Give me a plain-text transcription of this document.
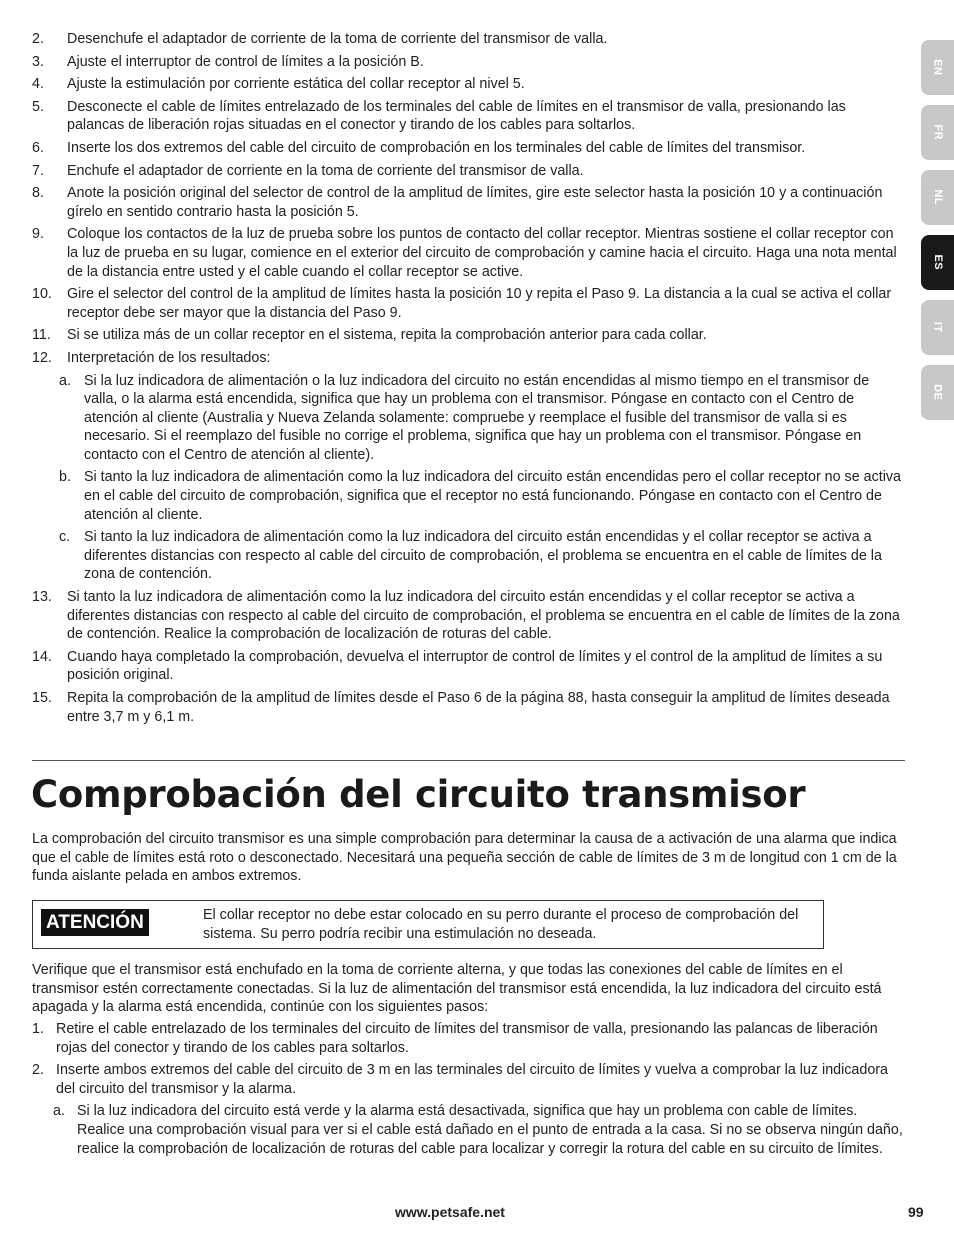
2. Desenchufe el adaptador de corriente de la toma de corriente del transmisor de valla.
3. Ajuste el interruptor de control de límites a la posición B.
4. Ajuste la estimulación por corriente estática del collar receptor al nivel 5.
5. Desconecte el cable de límites entrelazado de los terminales del cable de límites en el transmisor de valla, presionando las palancas de liberación rojas situadas en el conector y tirando de los cables para soltarlos.
6. Inserte los dos extremos del cable del circuito de comprobación en los terminales del cable de límites del transmisor.
7. Enchufe el adaptador de corriente en la toma de corriente del transmisor de valla.
8. Anote la posición original del selector de control de la amplitud de límites, gire este selector hasta la posición 10 y a continuación gírelo en sentido contrario hasta la posición 5.
9. Coloque los contactos de la luz de prueba sobre los puntos de contacto del collar receptor. Mientras sostiene el collar receptor con la luz de prueba en su lugar, comience en el exterior del circuito de comprobación y camine hacia el circuito. Haga una nota mental de la distancia entre usted y el cable cuando el collar receptor se active.
10. Gire el selector del control de la amplitud de límites hasta la posición 10 y repita el Paso 9. La distancia a la cual se activa el collar receptor debe ser mayor que la distancia del Paso 9.
11. Si se utiliza más de un collar receptor en el sistema, repita la comprobación anterior para cada collar.
12. Interpretación de los resultados:
a. Si la luz indicadora de alimentación o la luz indicadora del circuito no están encendidas al mismo tiempo en el transmisor de valla, o la alarma está encendida, significa que hay un problema con el transmisor. Póngase en contacto con el Centro de atención al cliente (Australia y Nueva Zelanda solamente: compruebe y reemplace el fusible del transmisor de valla si es necesario. Si el reemplazo del fusible no corrige el problema, significa que hay un problema con el transmisor. Póngase en contacto con el Centro de atención al cliente).
b. Si tanto la luz indicadora de alimentación como la luz indicadora del circuito están encendidas pero el collar receptor no se activa en el cable del circuito de comprobación, significa que el receptor no está funcionando. Póngase en contacto con el Centro de atención al cliente.
c. Si tanto la luz indicadora de alimentación como la luz indicadora del circuito están encendidas y el collar receptor se activa a diferentes distancias con respecto al cable del circuito de comprobación, el problema se encuentra en el cable de límites de la zona de contención.
13. Si tanto la luz indicadora de alimentación como la luz indicadora del circuito están encendidas y el collar receptor se activa a diferentes distancias con respecto al cable del circuito de comprobación, el problema se encuentra en el cable de límites de la zona de contención. Realice la comprobación de localización de roturas del cable.
14. Cuando haya completado la comprobación, devuelva el interruptor de control de límites y el control de la amplitud de límites a su posición original.
15. Repita la comprobación de la amplitud de límites desde el Paso 6 de la página 88, hasta conseguir la amplitud de límites deseada entre 3,7 m y 6,1 m.
Comprobación del circuito transmisor

La comprobación del circuito transmisor es una simple comprobación para determinar la causa de a activación de una alarma que indica que el cable de límites está roto o desconectado. Necesitará una pequeña sección de cable de límites de 3 m de longitud con 1 cm de la funda aislante pelada en ambos extremos.

ATENCIÓN	El collar receptor no debe estar colocado en su perro durante el proceso de comprobación del sistema. Su perro podría recibir una estimulación no deseada.

Verifique que el transmisor está enchufado en la toma de corriente alterna, y que todas las conexiones del cable de límites en el transmisor estén correctamente conectadas. Si la luz de alimentación del transmisor está encendida, la luz indicadora del circuito está apagada y la alarma está encendida, continúe con los siguientes pasos:

1. Retire el cable entrelazado de los terminales del circuito de límites del transmisor de valla, presionando las palancas de liberación rojas del conector y tirando de los cables para soltarlos.
2. Inserte ambos extremos del cable del circuito de 3 m en las terminales del circuito de límites y vuelva a comprobar la luz indicadora del circuito del transmisor y la alarma.
a. Si la luz indicadora del circuito está verde y la alarma está desactivada, significa que hay un problema con cable de límites. Realice una comprobación visual para ver si el cable está dañado en el punto de entrada a la casa. Si no se observa ningún daño, realice la comprobación de localización de roturas del cable para localizar y corregir la rotura del cable en su circuito de límites.
EN
FR
NL
ES
IT
DE
www.petsafe.net	99
